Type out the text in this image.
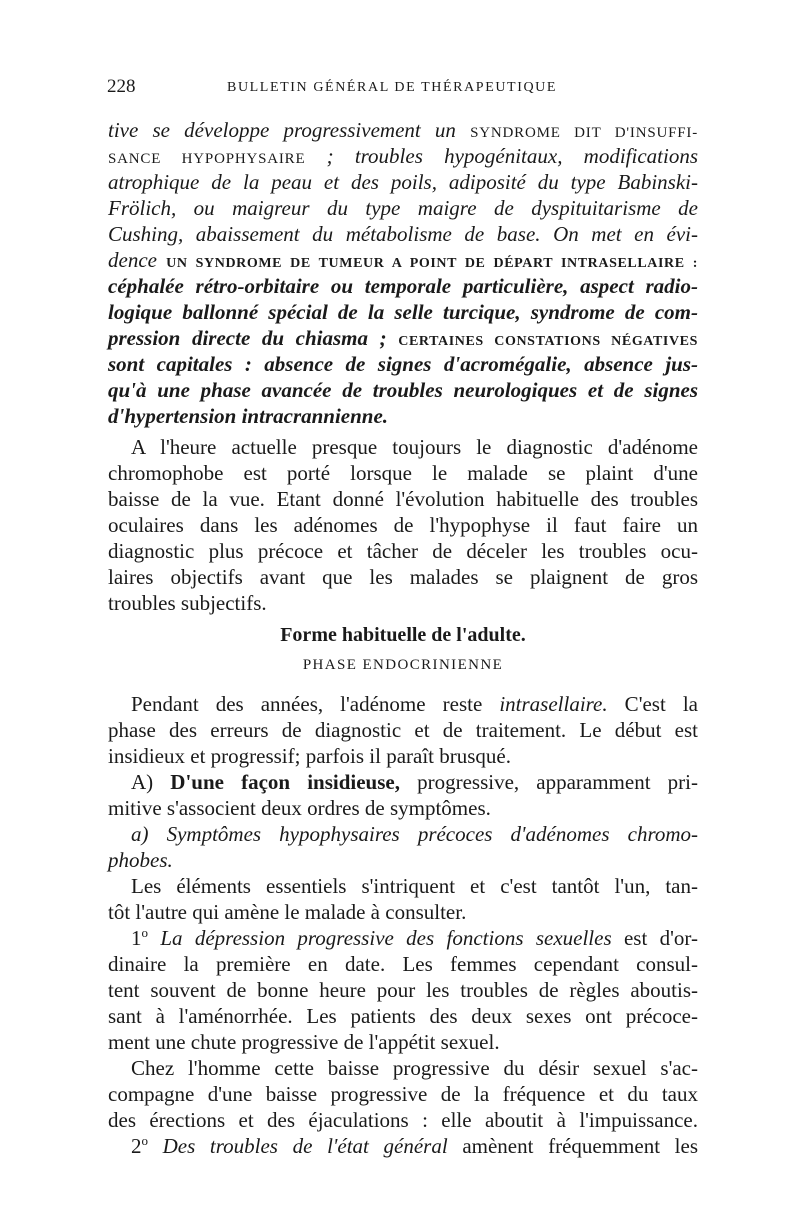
228	BULLETIN GÉNÉRAL DE THÉRAPEUTIQUE
tive se développe progressivement un SYNDROME DIT D'INSUFFI-
SANCE HYPOPHYSAIRE ; troubles hypogénitaux, modifications
atrophique de la peau et des poils, adiposité du type Babinski-
Frölich, ou maigreur du type maigre de dyspituitarisme de
Cushing, abaissement du métabolisme de base. On met en évi-
dence UN SYNDROME DE TUMEUR A POINT DE DÉPART INTRASELLAIRE :
céphalée rétro-orbitaire ou temporale particulière, aspect radio-
logique ballonné spécial de la selle turcique, syndrome de com-
pression directe du chiasma ; CERTAINES CONSTATIONS NÉGATIVES
sont capitales : absence de signes d'acromégalie, absence jus-
qu'à une phase avancée de troubles neurologiques et de signes
d'hypertension intracrannienne.
A l'heure actuelle presque toujours le diagnostic d'adénome
chromophobe est porté lorsque le malade se plaint d'une
baisse de la vue. Etant donné l'évolution habituelle des troubles
oculaires dans les adénomes de l'hypophyse il faut faire un
diagnostic plus précoce et tâcher de déceler les troubles ocu-
laires objectifs avant que les malades se plaignent de gros
troubles subjectifs.
Forme habituelle de l'adulte.
PHASE ENDOCRINIENNE
Pendant des années, l'adénome reste intrasellaire. C'est la
phase des erreurs de diagnostic et de traitement. Le début est
insidieux et progressif; parfois il paraît brusqué.
A) D'une façon insidieuse, progressive, apparamment pri-
mitive s'associent deux ordres de symptômes.
a) Symptômes hypophysaires précoces d'adénomes chromo-
phobes.
Les éléments essentiels s'intriquent et c'est tantôt l'un, tan-
tôt l'autre qui amène le malade à consulter.
1$^o$ La dépression progressive des fonctions sexuelles est d'or-
dinaire la première en date. Les femmes cependant consul-
tent souvent de bonne heure pour les troubles de règles aboutis-
sant à l'aménorrhée. Les patients des deux sexes ont précoce-
ment une chute progressive de l'appétit sexuel.
Chez l'homme cette baisse progressive du désir sexuel s'ac-
compagne d'une baisse progressive de la fréquence et du taux
des érections et des éjaculations : elle aboutit à l'impuissance.
2$^o$ Des troubles de l'état général amènent fréquemment les
